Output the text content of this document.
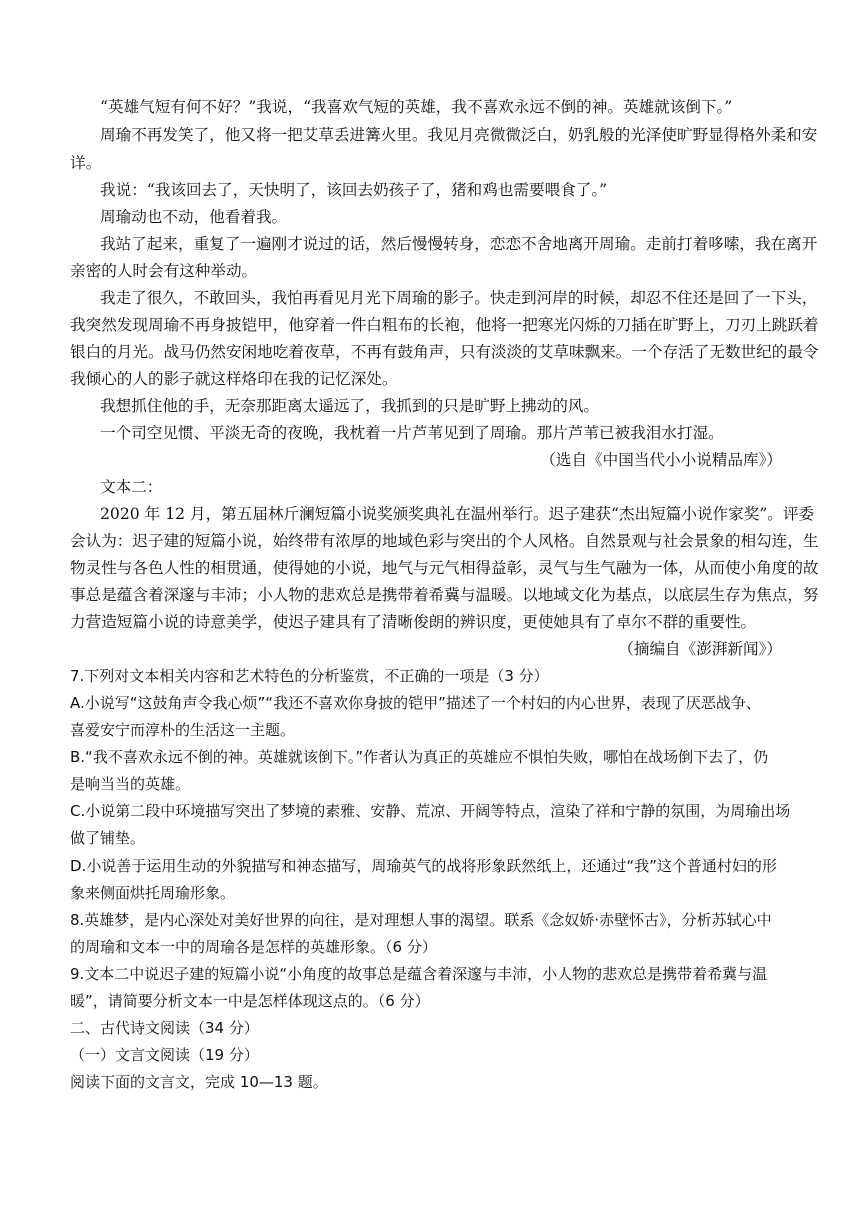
“英雄气短有何不好？”我说，“我喜欢气短的英雄，我不喜欢永远不倒的神。英雄就该倒下。”
周瑜不再发笑了，他又将一把艾草丢进篝火里。我见月亮微微泛白，奶乳般的光泽使旷野显得格外柔和安
详。
我说：“我该回去了，天快明了，该回去奶孩子了，猪和鸡也需要喂食了。”
周瑜动也不动，他看着我。
我站了起来，重复了一遍刚才说过的话，然后慢慢转身，恋恋不舍地离开周瑜。走前打着哆嗦，我在离开
亲密的人时会有这种举动。
我走了很久，不敢回头，我怕再看见月光下周瑜的影子。快走到河岸的时候，却忍不住还是回了一下头，
我突然发现周瑜不再身披铠甲，他穿着一件白粗布的长袍，他将一把寒光闪烁的刀插在旷野上，刀刃上跳跃着
银白的月光。战马仍然安闲地吃着夜草，不再有鼓角声，只有淡淡的艾草味飘来。一个存活了无数世纪的最令
我倾心的人的影子就这样烙印在我的记忆深处。
我想抓住他的手，无奈那距离太遥远了，我抓到的只是旷野上拂动的风。
一个司空见惯、平淡无奇的夜晚，我枕着一片芦苇见到了周瑜。那片芦苇已被我泪水打湿。
（选自《中国当代小小说精品库》）
文本二：
2020 年 12 月，第五届林斤澜短篇小说奖颁奖典礼在温州举行。迟子建获“杰出短篇小说作家奖”。评委
会认为：迟子建的短篇小说，始终带有浓厚的地域色彩与突出的个人风格。自然景观与社会景象的相勾连，生
物灵性与各色人性的相贯通，使得她的小说，地气与元气相得益彰，灵气与生气融为一体，从而使小角度的故
事总是蕴含着深邃与丰沛；小人物的悲欢总是携带着希冀与温暖。以地域文化为基点，以底层生存为焦点，努
力营造短篇小说的诗意美学，使迟子建具有了清晰俊朗的辨识度，更使她具有了卓尔不群的重要性。
（摘编自《澎湃新闻》）
7.下列对文本相关内容和艺术特色的分析鉴赏，不正确的一项是（3 分）
A.小说写“这鼓角声令我心烦”“我还不喜欢你身披的铠甲”描述了一个村妇的内心世界，表现了厌恶战争、
喜爱安宁而淳朴的生活这一主题。
B.“我不喜欢永远不倒的神。英雄就该倒下。”作者认为真正的英雄应不惧怕失败，哪怕在战场倒下去了，仍
是响当当的英雄。
C.小说第二段中环境描写突出了梦境的素雅、安静、荒凉、开阔等特点，渲染了祥和宁静的氛围，为周瑜出场
做了铺垫。
D.小说善于运用生动的外貌描写和神态描写，周瑜英气的战将形象跃然纸上，还通过“我”这个普通村妇的形
象来侧面烘托周瑜形象。
8.英雄梦，是内心深处对美好世界的向往，是对理想人事的渴望。联系《念奴娇·赤壁怀古》，分析苏轼心中
的周瑜和文本一中的周瑜各是怎样的英雄形象。（6 分）
9.文本二中说迟子建的短篇小说“小角度的故事总是蕴含着深邃与丰沛，小人物的悲欢总是携带着希冀与温
暖”，请简要分析文本一中是怎样体现这点的。（6 分）
二、古代诗文阅读（34 分）
（一）文言文阅读（19 分）
阅读下面的文言文，完成 10—13 题。
